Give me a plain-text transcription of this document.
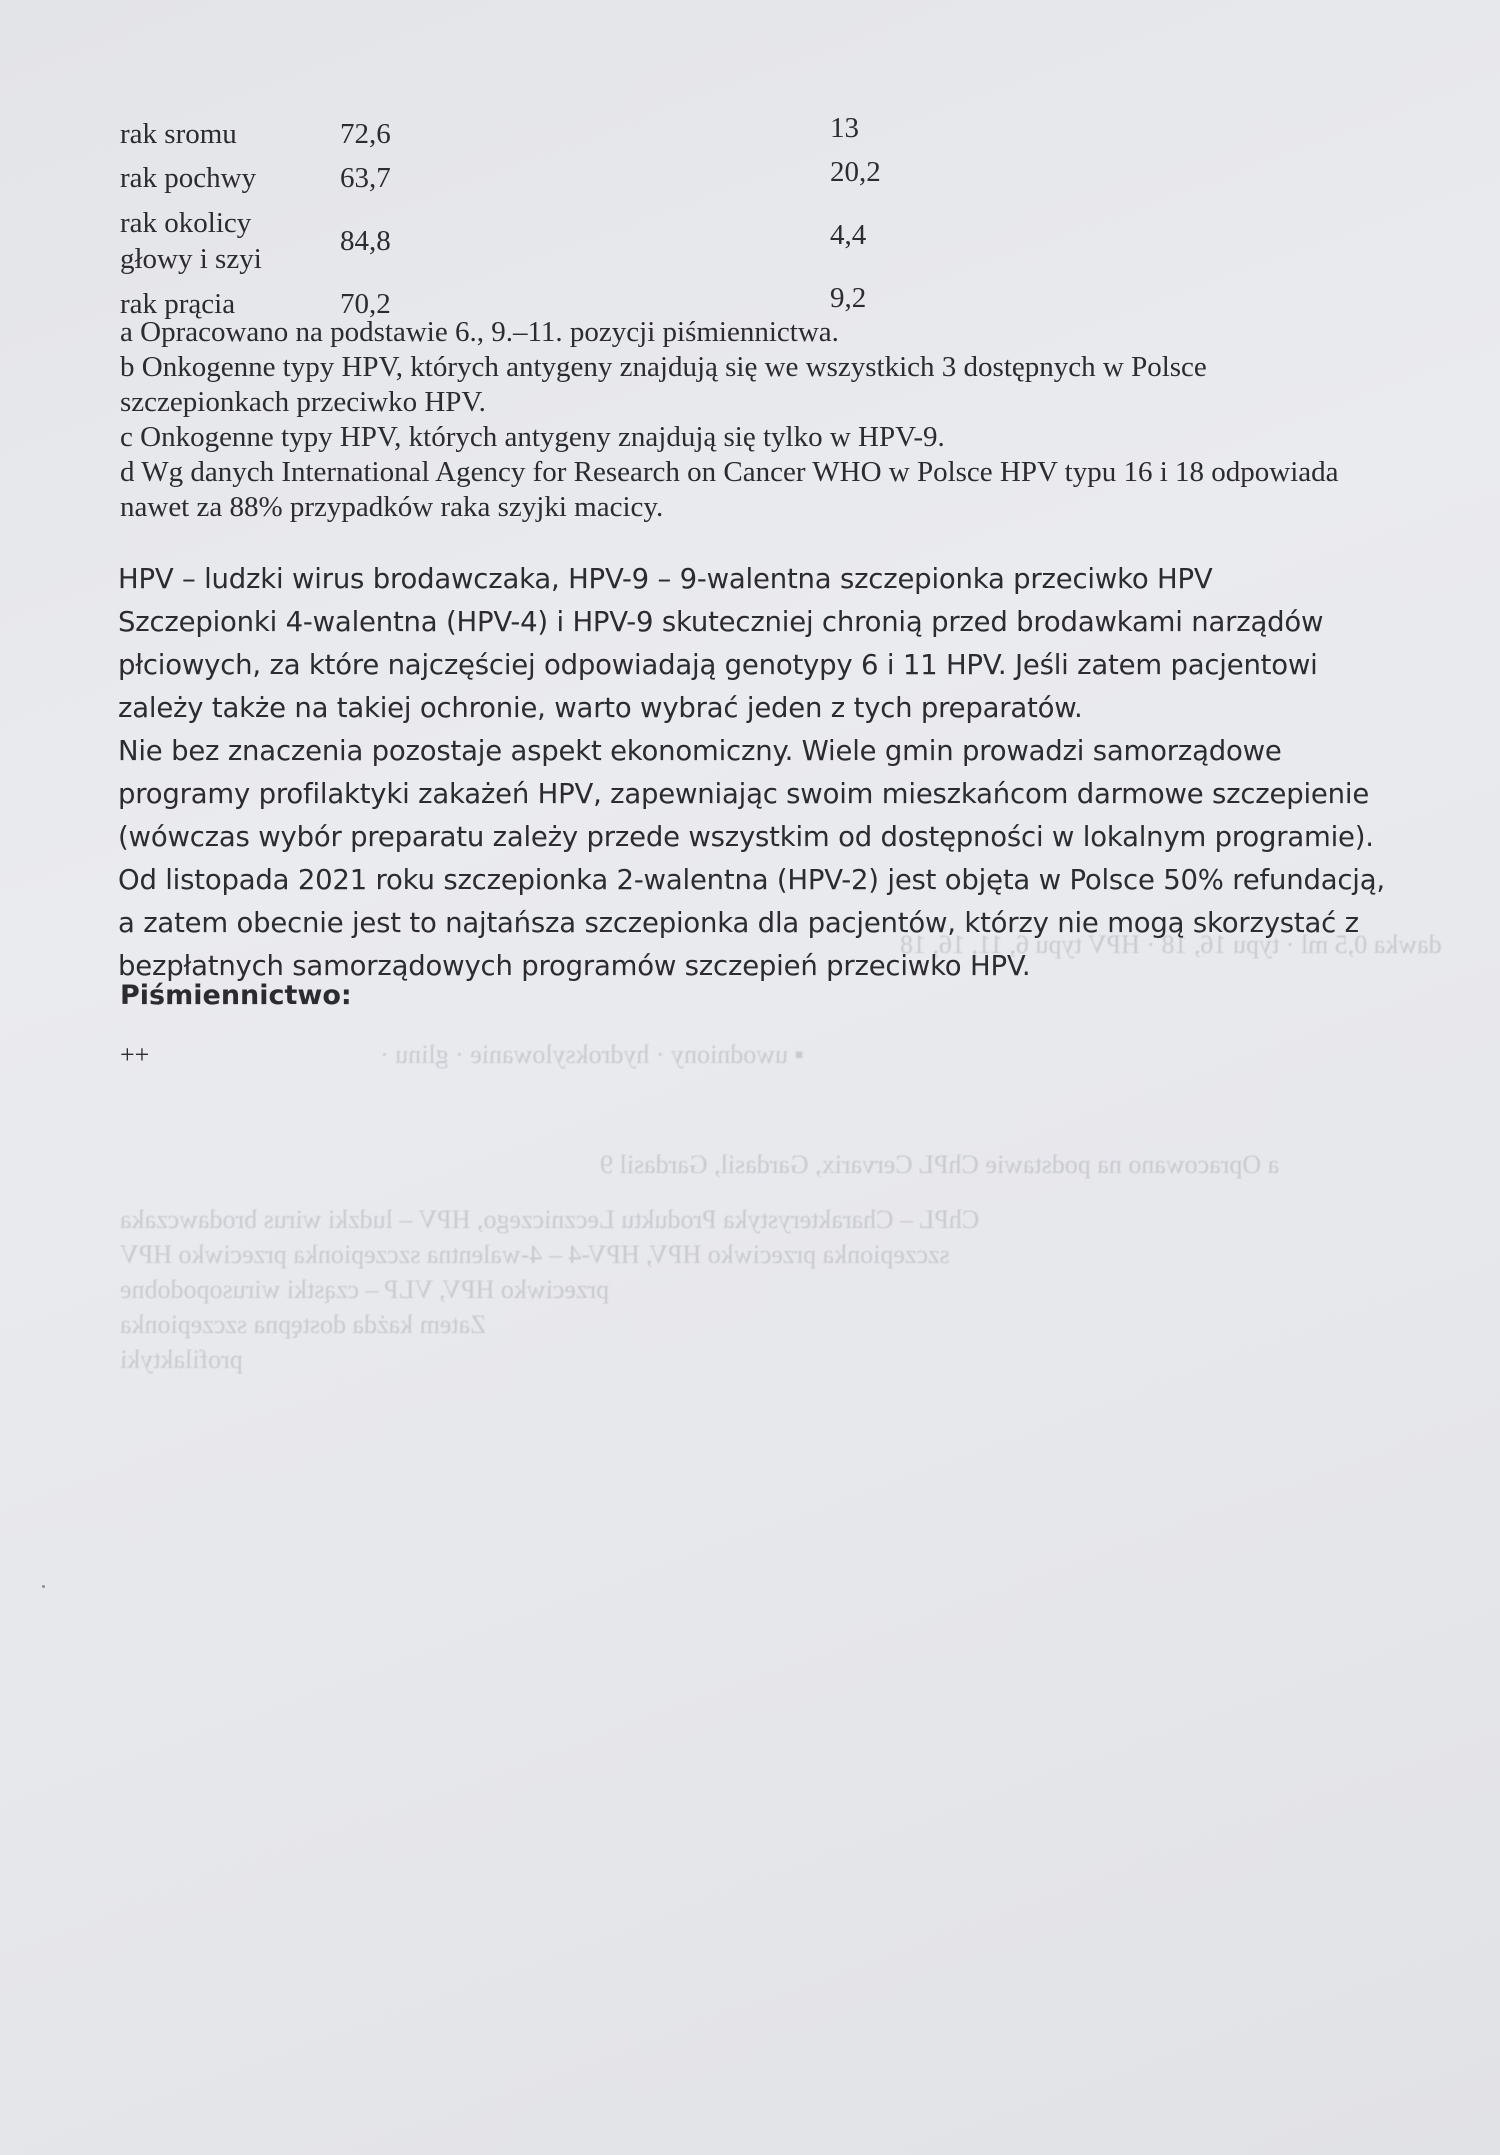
▪ uwodniony · hydroksylowanie · glinu ·
a Opracowano na podstawie ChPL Cervarix, Gardasil, Gardasil 9
ChPL – Charakterystyka Produktu Leczniczego, HPV – ludzki wirus brodawczaka
szczepionka przeciwko HPV, HPV-4 – 4-walentna szczepionka przeciwko HPV
przeciwko HPV, VLP – cząstki wirusopodobne
Zatem każda dostępna szczepionka
profilaktyki
dawka 0,5 ml · typu 16, 18 · HPV typu 6, 11, 16, 18
rak sromu	72,6	13
rak pochwy	63,7	20,2
rak okolicy
głowy i szyi
84,8	4,4
rak prącia	70,2	9,2

a Opracowano na podstawie 6., 9.–11. pozycji piśmiennictwa.

b Onkogenne typy HPV, których antygeny znajdują się we wszystkich 3 dostępnych w Polsce szczepionkach przeciwko HPV.

c Onkogenne typy HPV, których antygeny znajdują się tylko w HPV-9.

d Wg danych International Agency for Research on Cancer WHO w Polsce HPV typu 16 i 18 odpowiada nawet za 88% przypadków raka szyjki macicy.

HPV – ludzki wirus brodawczaka, HPV-9 – 9-walentna szczepionka przeciwko HPV

Szczepionki 4-walentna (HPV-4) i HPV-9 skuteczniej chronią przed brodawkami narządów płciowych, za które najczęściej odpowiadają genotypy 6 i 11 HPV. Jeśli zatem pacjentowi zależy także na takiej ochronie, warto wybrać jeden z tych preparatów.

Nie bez znaczenia pozostaje aspekt ekonomiczny. Wiele gmin prowadzi samorządowe programy profilaktyki zakażeń HPV, zapewniając swoim mieszkańcom darmowe szczepienie (wówczas wybór preparatu zależy przede wszystkim od dostępności w lokalnym programie). Od listopada 2021 roku szczepionka 2-walentna (HPV-2) jest objęta w Polsce 50% refundacją, a zatem obecnie jest to najtańsza szczepionka dla pacjentów, którzy nie mogą skorzystać z bezpłatnych samorządowych programów szczepień przeciwko HPV.

Piśmiennictwo:
++
